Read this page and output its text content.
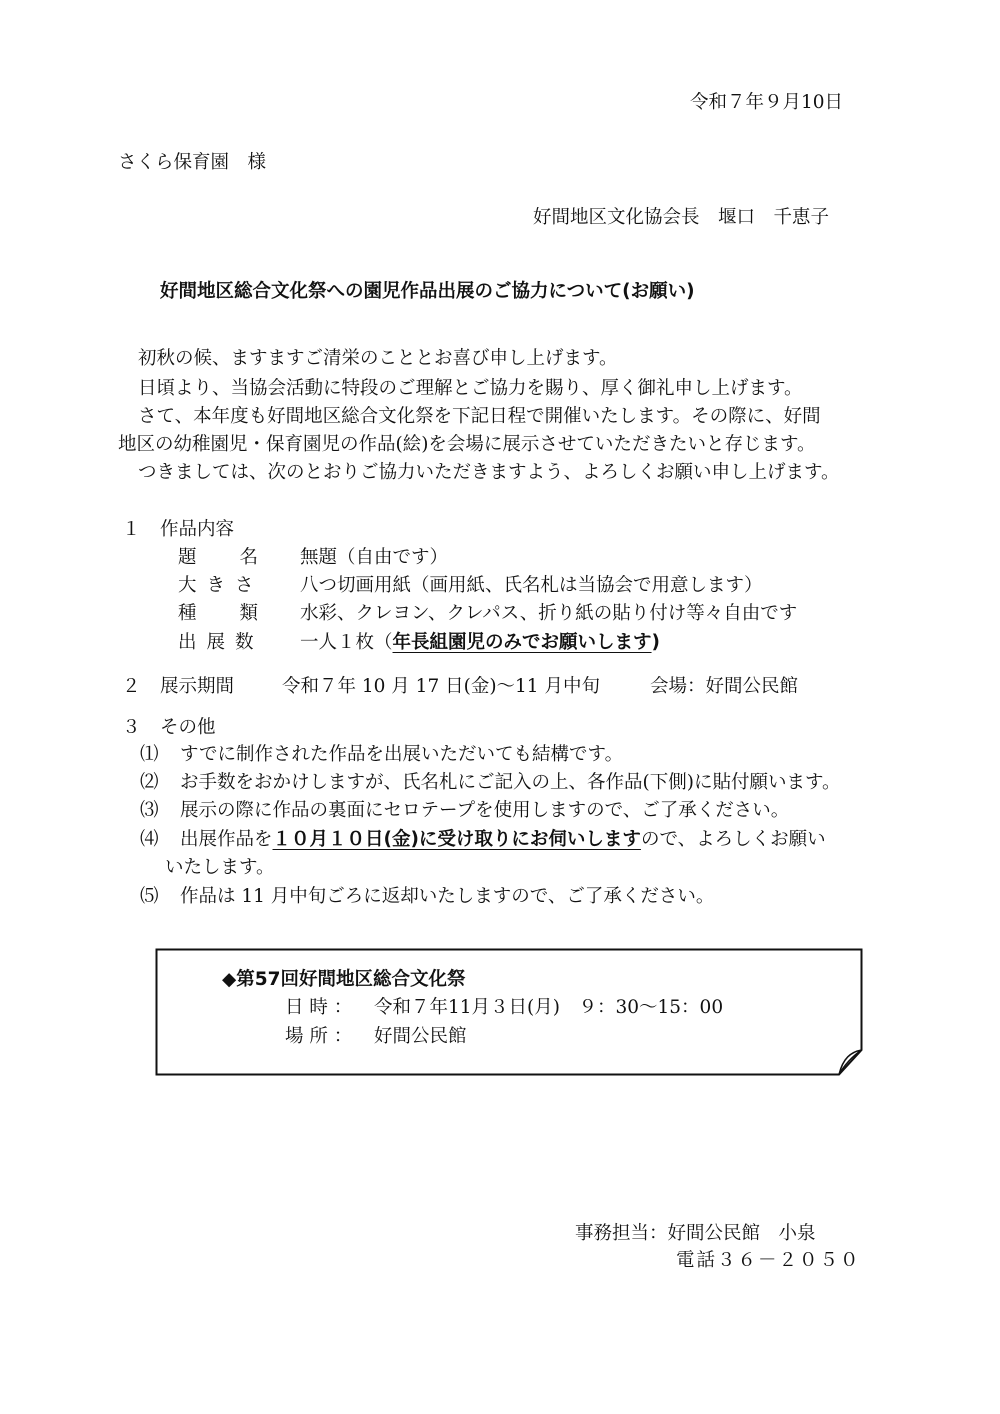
令和７年９月10日
さくら保育園　様
好間地区文化協会長　堰口　千恵子
好間地区総合文化祭への園児作品出展のご協力について(お願い)
初秋の候、ますますご清栄のこととお喜び申し上げます。
日頃より、当協会活動に特段のご理解とご協力を賜り、厚く御礼申し上げます。
さて、本年度も好間地区総合文化祭を下記日程で開催いたします。その際に、好間
地区の幼稚園児・保育園児の作品(絵)を会場に展示させていただきたいと存じます。
つきましては、次のとおりご協力いただきますよう、よろしくお願い申し上げます。
１ 作品内容
題　　名 無題（自由です）
大きさ 八つ切画用紙（画用紙、氏名札は当協会で用意します）
種　　類 水彩、クレヨン、クレパス、折り紙の貼り付け等々自由です
出展数 一人１枚（年長組園児のみでお願いします)
２ 展示期間	令和７年 10 月 17 日(金)～11 月中旬	会場：好間公民館
３ その他
⑴ すでに制作された作品を出展いただいても結構です。
⑵ お手数をおかけしますが、氏名札にご記入の上、各作品(下側)に貼付願います。
⑶ 展示の際に作品の裏面にセロテープを使用しますので、ご了承ください。
⑷ 出展作品を１０月１０日(金)に受け取りにお伺いしますので、よろしくお願い
いたします。
⑸ 作品は 11 月中旬ごろに返却いたしますので、ご了承ください。
◆第57回好間地区総合文化祭
日 時 ： 令和７年11月３日(月)　９：30～15：00
場 所 ： 好間公民館
事務担当：好間公民館　小泉
電話３６－２０５０
